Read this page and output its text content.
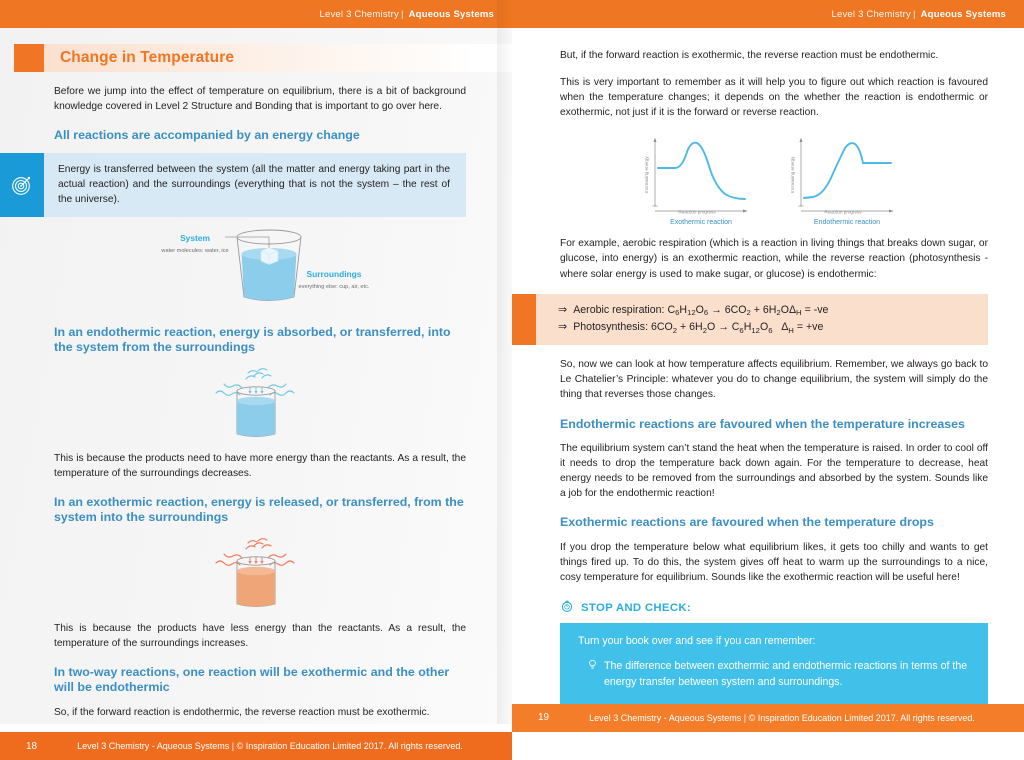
Level 3 Chemistry | Aqueous Systems
Change in Temperature

Before we jump into the effect of temperature on equilibrium, there is a bit of background knowledge covered in Level 2 Structure and Bonding that is important to go over here.

All reactions are accompanied by an energy change
Energy is transferred between the system (all the matter and energy taking part in the actual reaction) and the surroundings (everything that is not the system – the rest of the universe).
System
water molecules: water, ice
Surroundings
everything else: cup, air, etc.
In an endothermic reaction, energy is absorbed, or transferred, into the system from the surroundings

This is because the products need to have more energy than the reactants. As a result, the temperature of the surroundings decreases.

In an exothermic reaction, energy is released, or transferred, from the system into the surroundings

This is because the products have less energy than the reactants. As a result, the temperature of the surroundings increases.

In two-way reactions, one reaction will be exothermic and the other will be endothermic

So, if the forward reaction is endothermic, the reverse reaction must be exothermic.

18	Level 3 Chemistry - Aqueous Systems | © Inspiration Education Limited 2017. All rights reserved.
Level 3 Chemistry | Aqueous Systems

But, if the forward reaction is exothermic, the reverse reaction must be endothermic.

This is very important to remember as it will help you to figure out which reaction is favoured when the temperature changes; it depends on the whether the reaction is endothermic or exothermic, not just if it is the forward or reverse reaction.

Increasing energy
Reaction progress
Exothermic reaction
Increasing energy
Reaction progress
Endothermic reaction

For example, aerobic respiration (which is a reaction in living things that breaks down sugar, or glucose, into energy) is an exothermic reaction, while the reverse reaction (photosynthesis - where solar energy is used to make sugar, or glucose) is endothermic:

⇒ Aerobic respiration: $C_6H_{12}O_6 \to 6CO_2 + 6H_2O$ $\Delta_H = -ve$
⇒ Photosynthesis: $6CO_2 + 6H_2O \to C_6H_{12}O_6$ $\Delta_H = +ve$

So, now we can look at how temperature affects equilibrium. Remember, we always go back to Le Chatelier’s Principle: whatever you do to change equilibrium, the system will simply do the thing that reverses those changes.

Endothermic reactions are favoured when the temperature increases

The equilibrium system can’t stand the heat when the temperature is raised. In order to cool off it needs to drop the temperature back down again. For the temperature to decrease, heat energy needs to be removed from the surroundings and absorbed by the system. Sounds like a job for the endothermic reaction!

Exothermic reactions are favoured when the temperature drops

If you drop the temperature below what equilibrium likes, it gets too chilly and wants to get things fired up. To do this, the system gives off heat to warm up the surroundings to a nice, cosy temperature for equilibrium. Sounds like the exothermic reaction will be useful here!

STOP AND CHECK:
Turn your book over and see if you can remember:
The difference between exothermic and endothermic reactions in terms of the energy transfer between system and surroundings.
19	Level 3 Chemistry - Aqueous Systems | © Inspiration Education Limited 2017. All rights reserved.
